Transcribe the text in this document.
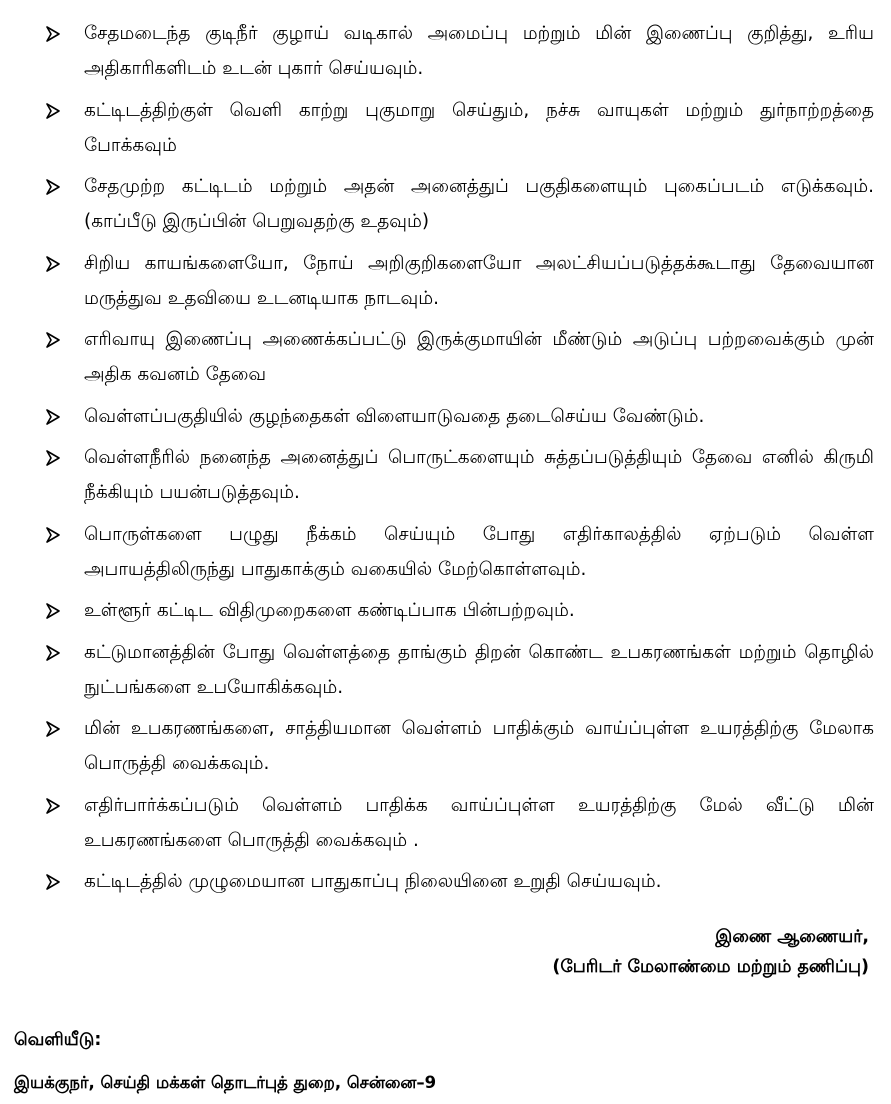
சேதமடைந்த குடிநீர் குழாய் வடிகால் அமைப்பு மற்றும் மின் இணைப்பு குறித்து, உரிய அதிகாரிகளிடம் உடன் புகார் செய்யவும்.
கட்டிடத்திற்குள் வெளி காற்று புகுமாறு செய்தும், நச்சு வாயுகள் மற்றும் துர்நாற்றத்தை போக்கவும்
சேதமுற்ற கட்டிடம் மற்றும் அதன் அனைத்துப் பகுதிகளையும் புகைப்படம் எடுக்கவும். (காப்பீடு இருப்பின் பெறுவதற்கு உதவும்)
சிறிய காயங்களையோ, நோய் அறிகுறிகளையோ அலட்சியப்படுத்தக்கூடாது தேவையான மருத்துவ உதவியை உடனடியாக நாடவும்.
எரிவாயு இணைப்பு அணைக்கப்பட்டு இருக்குமாயின் மீண்டும் அடுப்பு பற்றவைக்கும் முன் அதிக கவனம் தேவை
வெள்ளப்பகுதியில் குழந்தைகள் விளையாடுவதை தடைசெய்ய வேண்டும்.
வெள்ளநீரில் நனைந்த அனைத்துப் பொருட்களையும் சுத்தப்படுத்தியும் தேவை எனில் கிருமி நீக்கியும் பயன்படுத்தவும்.
பொருள்களை பழுது நீக்கம் செய்யும் போது எதிர்காலத்தில் ஏற்படும் வெள்ள அபாயத்திலிருந்து பாதுகாக்கும் வகையில் மேற்கொள்ளவும்.
உள்ளூர் கட்டிட விதிமுறைகளை கண்டிப்பாக பின்பற்றவும்.
கட்டுமானத்தின் போது வெள்ளத்தை தாங்கும் திறன் கொண்ட உபகரணங்கள் மற்றும் தொழில் நுட்பங்களை உபயோகிக்கவும்.
மின் உபகரணங்களை, சாத்தியமான வெள்ளம் பாதிக்கும் வாய்ப்புள்ள உயரத்திற்கு மேலாக பொருத்தி வைக்கவும்.
எதிர்பார்க்கப்படும் வெள்ளம் பாதிக்க வாய்ப்புள்ள உயரத்திற்கு மேல் வீட்டு மின் உபகரணங்களை பொருத்தி வைக்கவும் .
கட்டிடத்தில் முழுமையான பாதுகாப்பு நிலையினை உறுதி செய்யவும்.
இணை ஆணையர்,
(பேரிடர் மேலாண்மை மற்றும் தணிப்பு)
வெளியீடு:
இயக்குநர், செய்தி மக்கள் தொடர்புத் துறை, சென்னை–9
